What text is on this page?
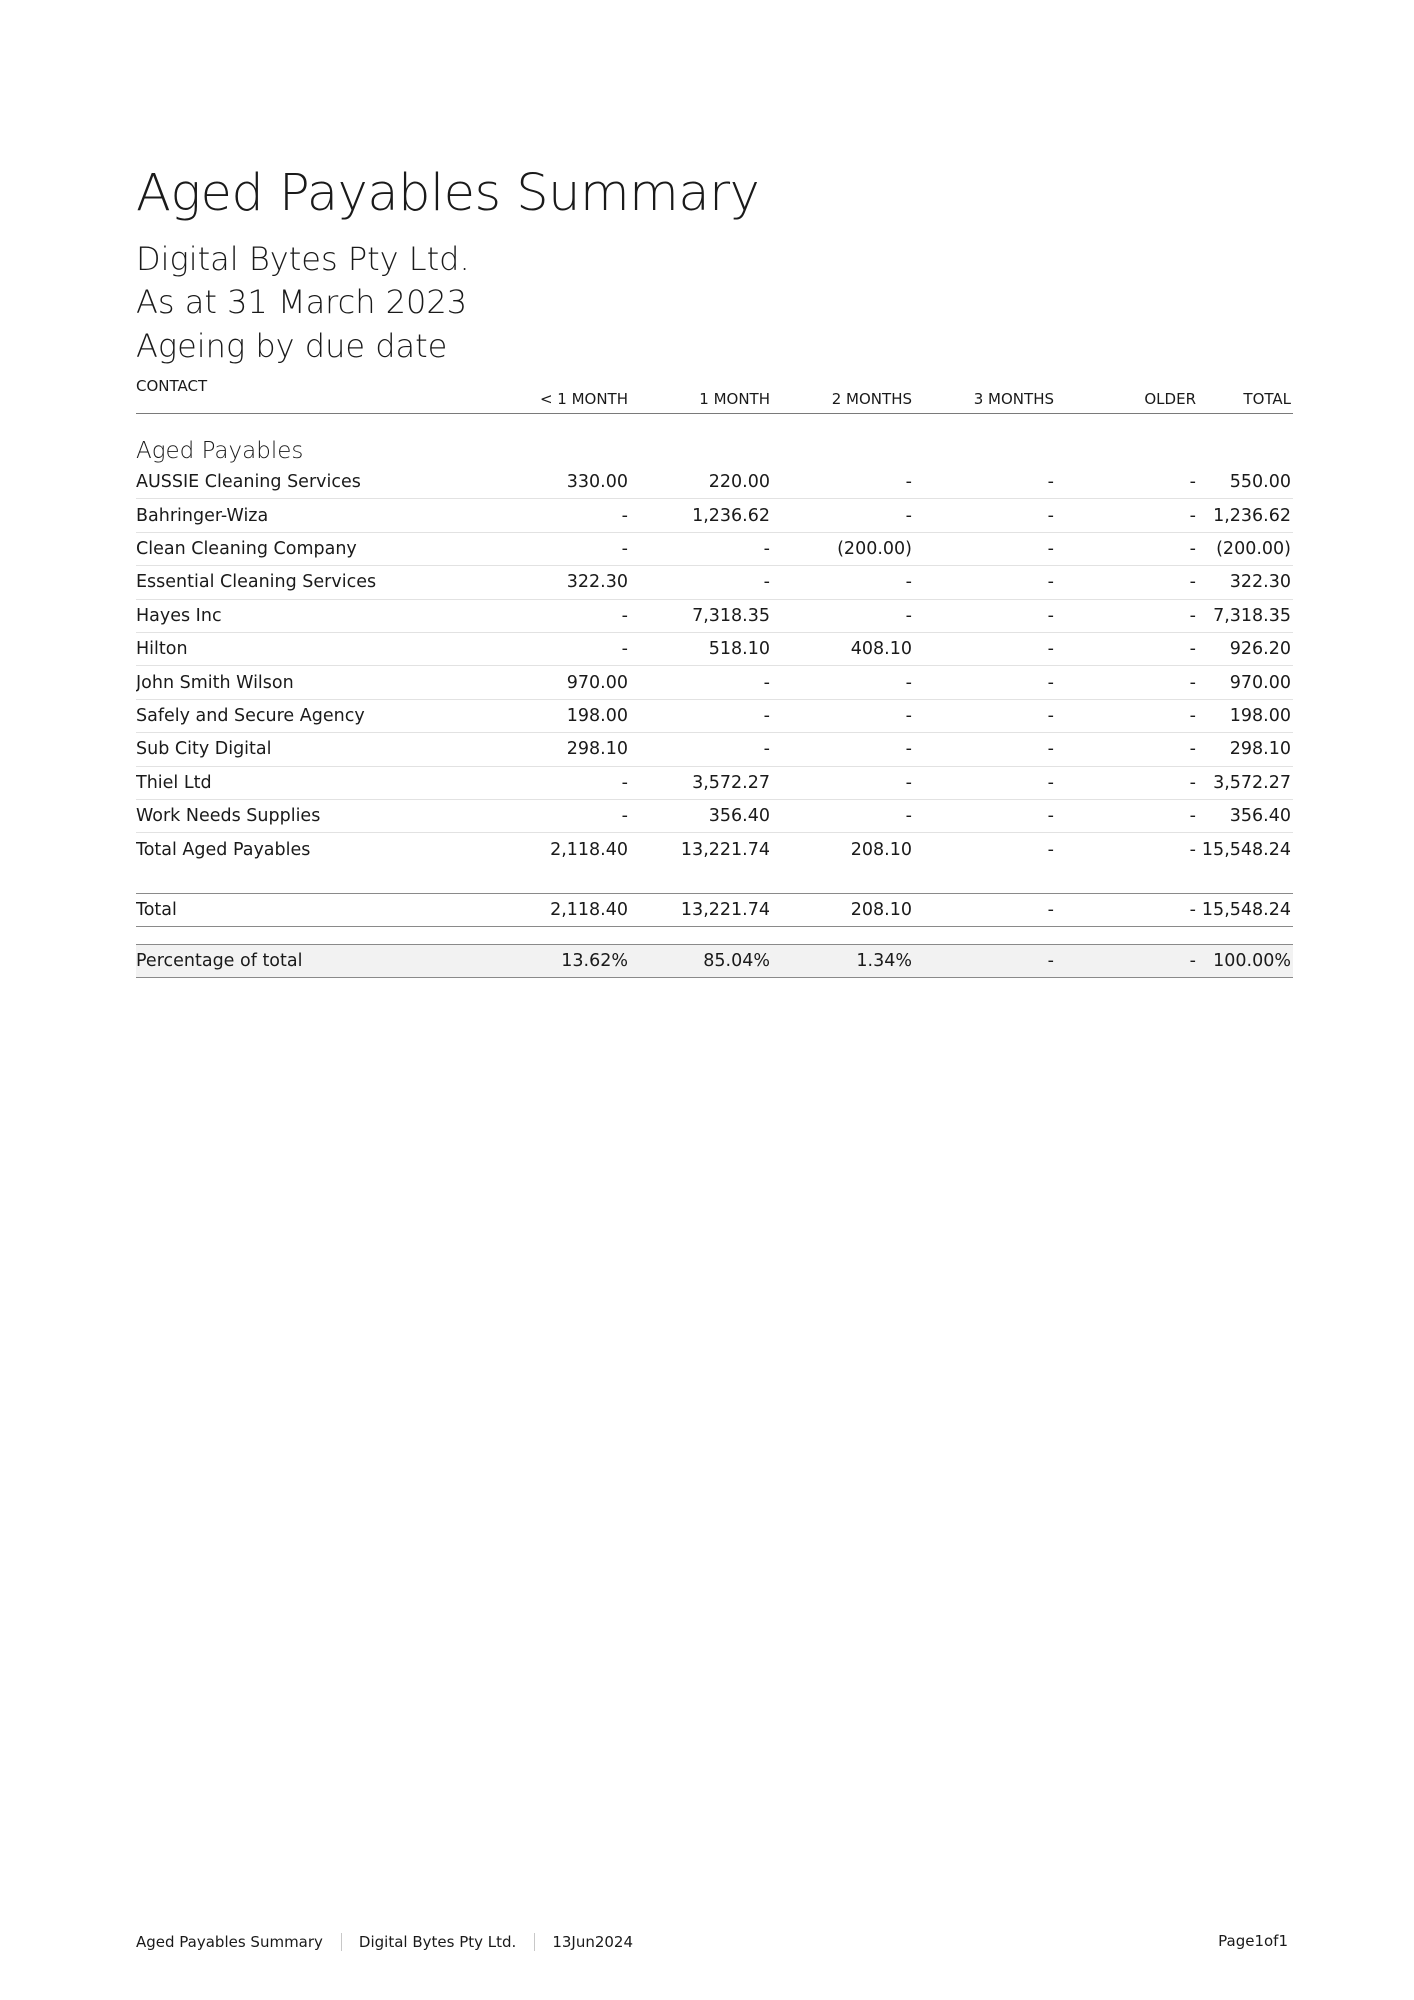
Aged Payables Summary
Digital Bytes Pty Ltd.
As at 31 March 2023
Ageing by due date
CONTACT	< 1 MONTH	1 MONTH	2 MONTHS	3 MONTHS	OLDER	TOTAL
Aged Payables						
AUSSIE Cleaning Services	330.00	220.00	-	-	-	550.00
Bahringer-Wiza	-	1,236.62	-	-	-	1,236.62
Clean Cleaning Company	-	-	(200.00)	-	-	(200.00)
Essential Cleaning Services	322.30	-	-	-	-	322.30
Hayes Inc	-	7,318.35	-	-	-	7,318.35
Hilton	-	518.10	408.10	-	-	926.20
John Smith Wilson	970.00	-	-	-	-	970.00
Safely and Secure Agency	198.00	-	-	-	-	198.00
Sub City Digital	298.10	-	-	-	-	298.10
Thiel Ltd	-	3,572.27	-	-	-	3,572.27
Work Needs Supplies	-	356.40	-	-	-	356.40
Total Aged Payables	2,118.40	13,221.74	208.10	-	-	15,548.24

Total	2,118.40	13,221.74	208.10	-	-	15,548.24

Percentage of total	13.62%	85.04%	1.34%	-	-	100.00%
Aged Payables Summary Digital Bytes Pty Ltd. 13Jun2024	Page1of1
